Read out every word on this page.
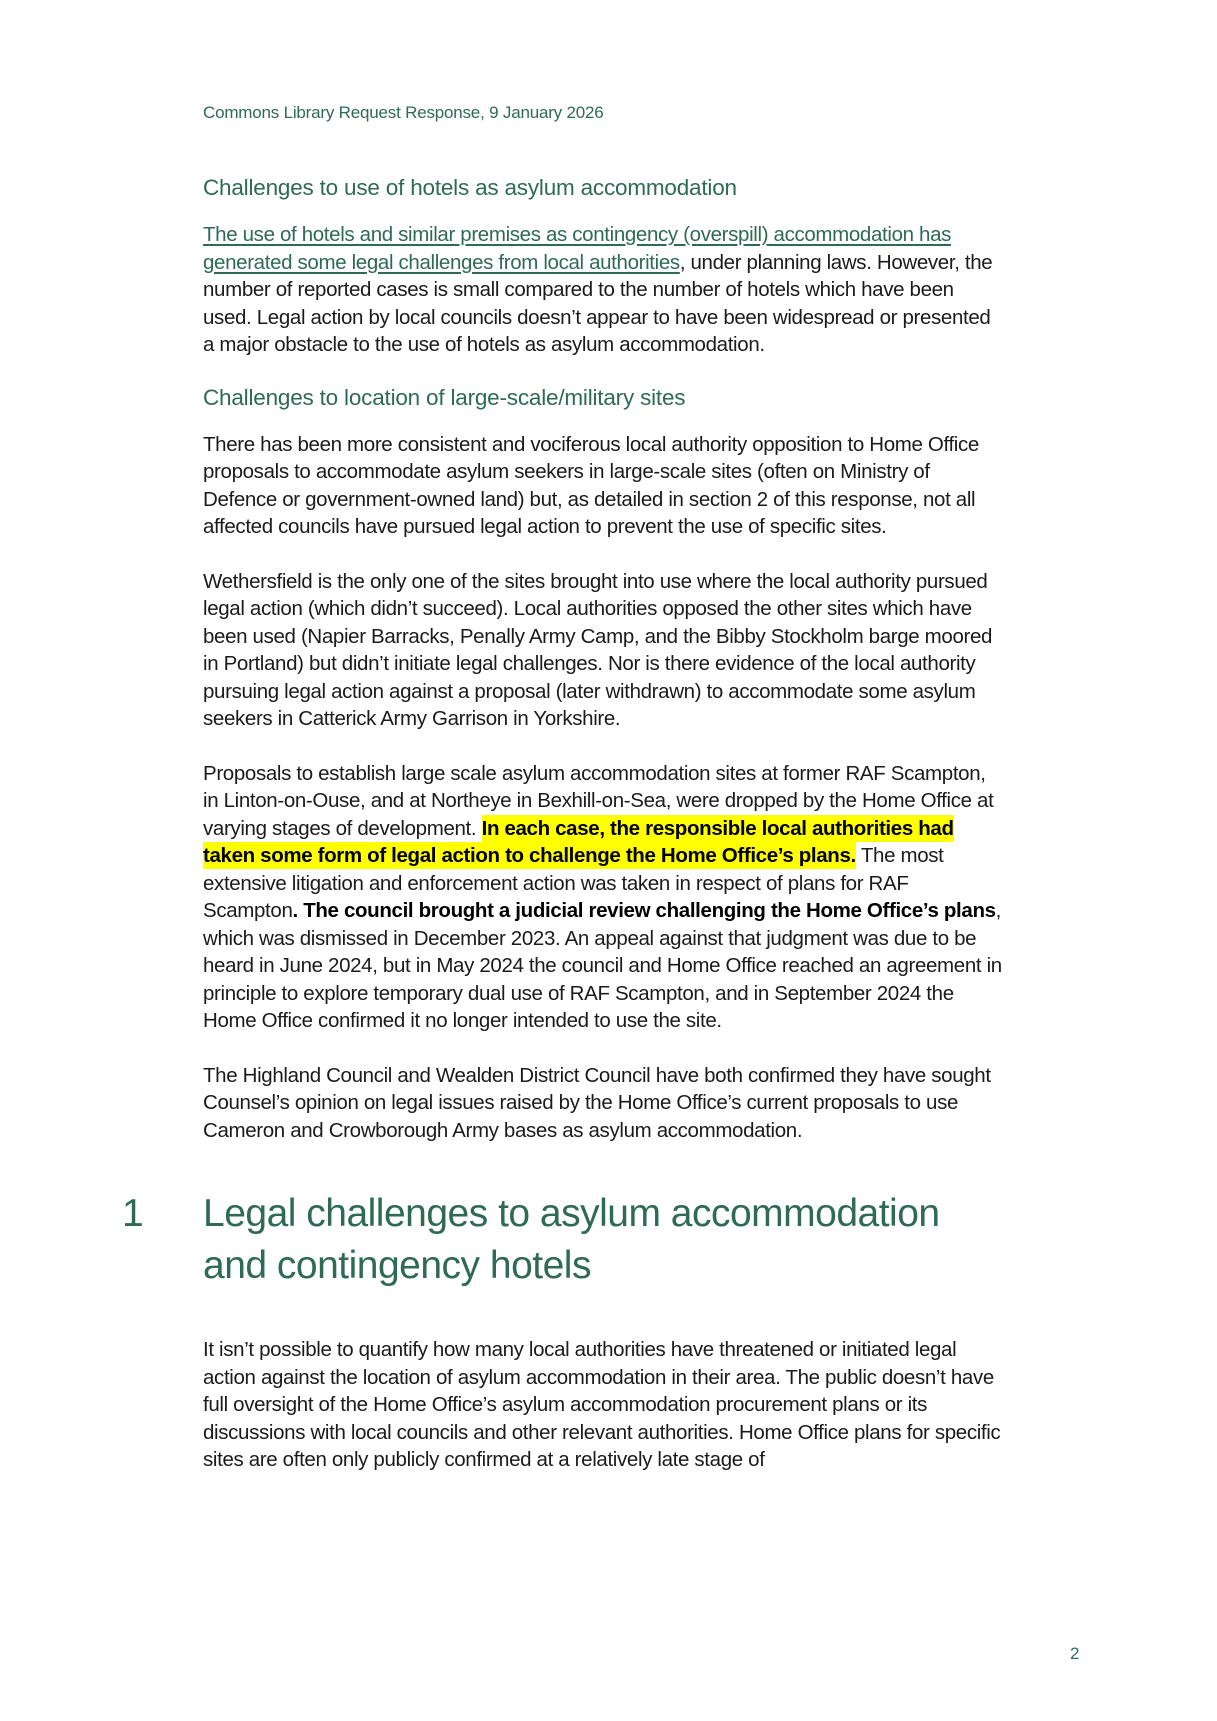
Commons Library Request Response, 9 January 2026
Challenges to use of hotels as asylum accommodation

The use of hotels and similar premises as contingency (overspill) accommodation has generated some legal challenges from local authorities, under planning laws. However, the number of reported cases is small compared to the number of hotels which have been used. Legal action by local councils doesn’t appear to have been widespread or presented a major obstacle to the use of hotels as asylum accommodation.

Challenges to location of large-scale/military sites

There has been more consistent and vociferous local authority opposition to Home Office proposals to accommodate asylum seekers in large-scale sites (often on Ministry of Defence or government-owned land) but, as detailed in section 2 of this response, not all affected councils have pursued legal action to prevent the use of specific sites.

Wethersfield is the only one of the sites brought into use where the local authority pursued legal action (which didn’t succeed). Local authorities opposed the other sites which have been used (Napier Barracks, Penally Army Camp, and the Bibby Stockholm barge moored in Portland) but didn’t initiate legal challenges. Nor is there evidence of the local authority pursuing legal action against a proposal (later withdrawn) to accommodate some asylum seekers in Catterick Army Garrison in Yorkshire.

Proposals to establish large scale asylum accommodation sites at former RAF Scampton, in Linton-on-Ouse, and at Northeye in Bexhill-on-Sea, were dropped by the Home Office at varying stages of development. In each case, the responsible local authorities had taken some form of legal action to challenge the Home Office’s plans. The most extensive litigation and enforcement action was taken in respect of plans for RAF Scampton. The council brought a judicial review challenging the Home Office’s plans, which was dismissed in December 2023. An appeal against that judgment was due to be heard in June 2024, but in May 2024 the council and Home Office reached an agreement in principle to explore temporary dual use of RAF Scampton, and in September 2024 the Home Office confirmed it no longer intended to use the site.

The Highland Council and Wealden District Council have both confirmed they have sought Counsel’s opinion on legal issues raised by the Home Office’s current proposals to use Cameron and Crowborough Army bases as asylum accommodation.

1	Legal challenges to asylum accommodation and contingency hotels

It isn’t possible to quantify how many local authorities have threatened or initiated legal action against the location of asylum accommodation in their area. The public doesn’t have full oversight of the Home Office’s asylum accommodation procurement plans or its discussions with local councils and other relevant authorities. Home Office plans for specific sites are often only publicly confirmed at a relatively late stage of

2
